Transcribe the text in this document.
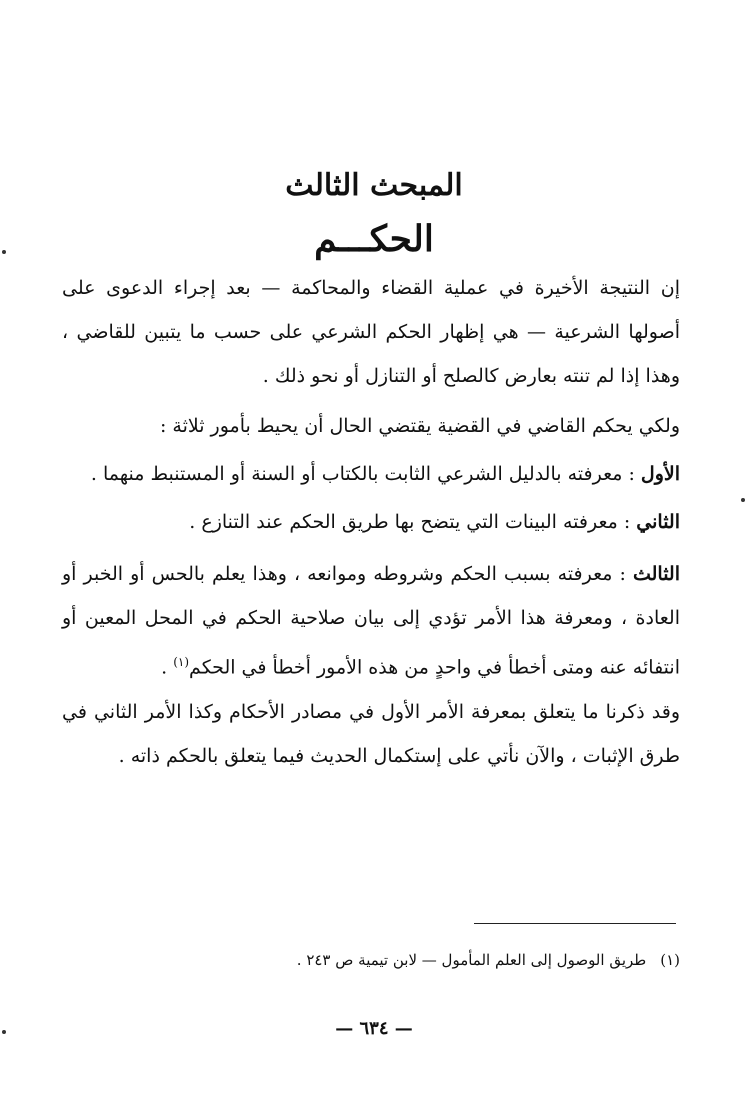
المبحث الثالث
الحكـــم

إن النتيجة الأخيرة في عملية القضاء والمحاكمة — بعد إجراء الدعوى على أصولها الشرعية — هي إظهار الحكم الشرعي على حسب ما يتبين للقاضي ، وهذا إذا لم تنته بعارض كالصلح أو التنازل أو نحو ذلك .

ولكي يحكم القاضي في القضية يقتضي الحال أن يحيط بأمور ثلاثة :

الأول : معرفته بالدليل الشرعي الثابت بالكتاب أو السنة أو المستنبط منهما .

الثاني : معرفته البينات التي يتضح بها طريق الحكم عند التنازع .

الثالث : معرفته بسبب الحكم وشروطه وموانعه ، وهذا يعلم بالحس أو الخبر أو العادة ، ومعرفة هذا الأمر تؤدي إلى بيان صلاحية الحكم في المحل المعين أو انتفائه عنه ومتى أخطأ في واحدٍ من هذه الأمور أخطأ في الحكم$^{(١)}$ .

وقد ذكرنا ما يتعلق بمعرفة الأمر الأول في مصادر الأحكام وكذا الأمر الثاني في طرق الإثبات ، والآن نأتي على إستكمال الحديث فيما يتعلق بالحكم ذاته .

(١)طريق الوصول إلى العلم المأمول — لابن تيمية ص ٢٤٣ .
— ٦٣٤ —
